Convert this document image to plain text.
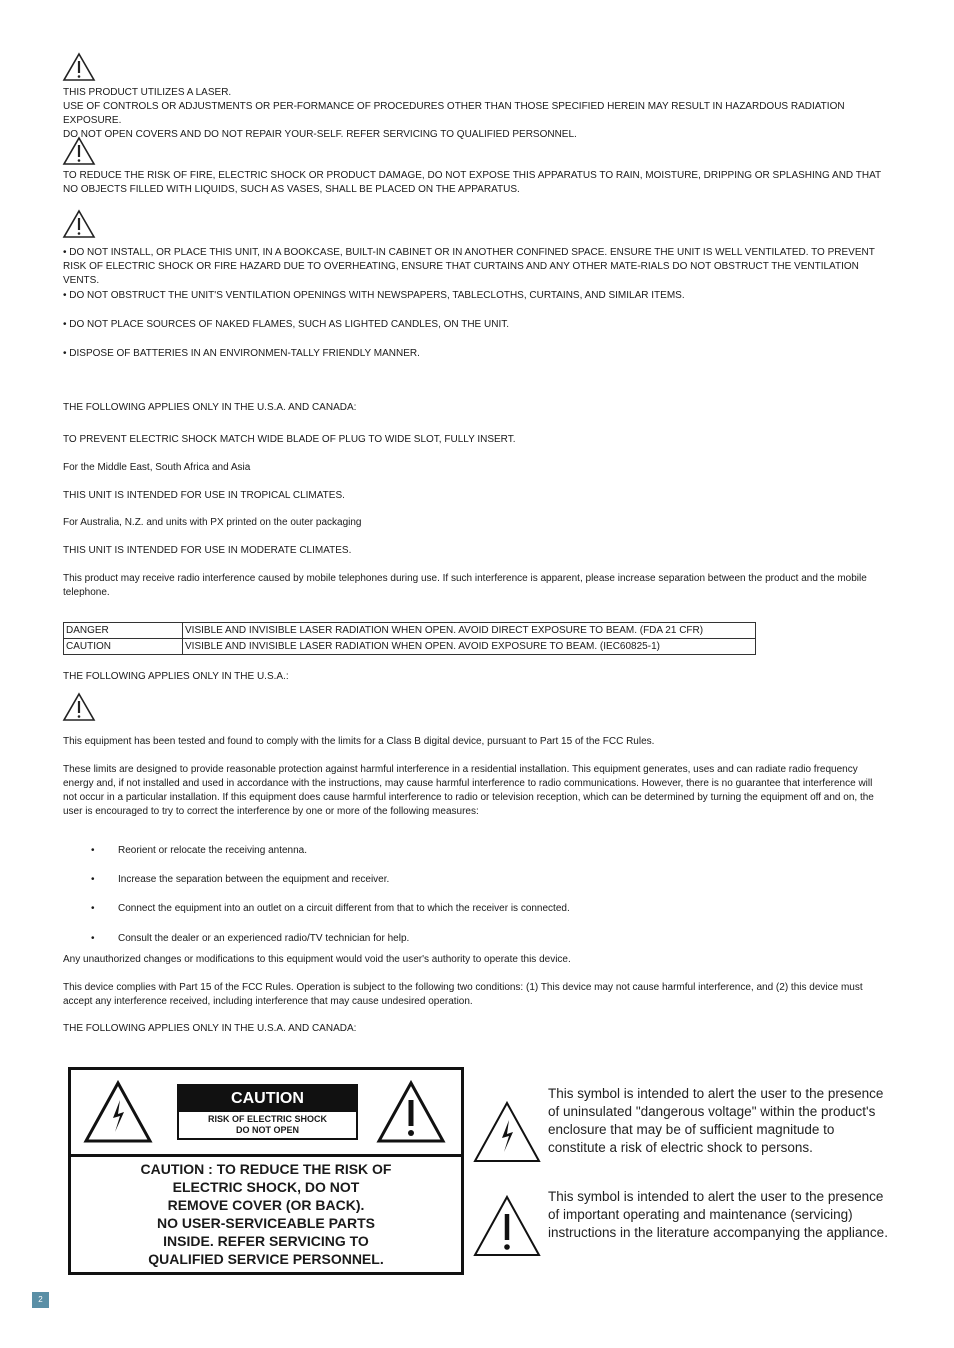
THIS PRODUCT UTILIZES A LASER.
USE OF CONTROLS OR ADJUSTMENTS OR PER-FORMANCE OF PROCEDURES OTHER THAN THOSE SPECIFIED HEREIN MAY RESULT IN HAZARDOUS RADIATION EXPOSURE.
DO NOT OPEN COVERS AND DO NOT REPAIR YOUR-SELF. REFER SERVICING TO QUALIFIED PERSONNEL.

TO REDUCE THE RISK OF FIRE, ELECTRIC SHOCK OR PRODUCT DAMAGE, DO NOT EXPOSE THIS APPARATUS TO RAIN, MOISTURE, DRIPPING OR SPLASHING AND THAT NO OBJECTS FILLED WITH LIQUIDS, SUCH AS VASES, SHALL BE PLACED ON THE APPARATUS.

• DO NOT INSTALL, OR PLACE THIS UNIT, IN A BOOKCASE, BUILT-IN CABINET OR IN ANOTHER CONFINED SPACE. ENSURE THE UNIT IS WELL VENTILATED. TO PREVENT RISK OF ELECTRIC SHOCK OR FIRE HAZARD DUE TO OVERHEATING, ENSURE THAT CURTAINS AND ANY OTHER MATE-RIALS DO NOT OBSTRUCT THE VENTILATION VENTS.

• DO NOT OBSTRUCT THE UNIT'S VENTILATION OPENINGS WITH NEWSPAPERS, TABLECLOTHS, CURTAINS, AND SIMILAR ITEMS.

• DO NOT PLACE SOURCES OF NAKED FLAMES, SUCH AS LIGHTED CANDLES, ON THE UNIT.

• DISPOSE OF BATTERIES IN AN ENVIRONMEN-TALLY FRIENDLY MANNER.

THE FOLLOWING APPLIES ONLY IN THE U.S.A. AND CANADA:

TO PREVENT ELECTRIC SHOCK MATCH WIDE BLADE OF PLUG TO WIDE SLOT, FULLY INSERT.

For the Middle East, South Africa and Asia

THIS UNIT IS INTENDED FOR USE IN TROPICAL CLIMATES.

For Australia, N.Z. and units with PX printed on the outer packaging

THIS UNIT IS INTENDED FOR USE IN MODERATE CLIMATES.

This product may receive radio interference caused by mobile telephones during use. If such interference is apparent, please increase separation between the product and the mobile telephone.

DANGER	VISIBLE AND INVISIBLE LASER RADIATION WHEN OPEN. AVOID DIRECT EXPOSURE TO BEAM. (FDA 21 CFR)
CAUTION	VISIBLE AND INVISIBLE LASER RADIATION WHEN OPEN. AVOID EXPOSURE TO BEAM. (IEC60825-1)

THE FOLLOWING APPLIES ONLY IN THE U.S.A.:

This equipment has been tested and found to comply with the limits for a Class B digital device, pursuant to Part 15 of the FCC Rules.

These limits are designed to provide reasonable protection against harmful interference in a residential installation. This equipment generates, uses and can radiate radio frequency energy and, if not installed and used in accordance with the instructions, may cause harmful interference to radio communications. However, there is no guarantee that interference will not occur in a particular installation. If this equipment does cause harmful interference to radio or television reception, which can be determined by turning the equipment off and on, the user is encouraged to try to correct the interference by one or more of the following measures:

• Reorient or relocate the receiving antenna.
• Increase the separation between the equipment and receiver.
• Connect the equipment into an outlet on a circuit different from that to which the receiver is connected.
• Consult the dealer or an experienced radio/TV technician for help.

Any unauthorized changes or modifications to this equipment would void the user's authority to operate this device.

This device complies with Part 15 of the FCC Rules. Operation is subject to the following two conditions: (1) This device may not cause harmful interference, and (2) this device must accept any interference received, including interference that may cause undesired operation.

THE FOLLOWING APPLIES ONLY IN THE U.S.A. AND CANADA:

CAUTION
RISK OF ELECTRIC SHOCK
DO NOT OPEN
CAUTION : TO REDUCE THE RISK OF
ELECTRIC SHOCK, DO NOT
REMOVE COVER (OR BACK).
NO USER-SERVICEABLE PARTS
INSIDE. REFER SERVICING TO
QUALIFIED SERVICE PERSONNEL.
This symbol is intended to alert the user to the presence of uninsulated "dangerous voltage" within the product's enclosure that may be of sufficient magnitude to constitute a risk of electric shock to persons.
This symbol is intended to alert the user to the presence of important operating and maintenance (servicing) instructions in the literature accompanying the appliance.
2
